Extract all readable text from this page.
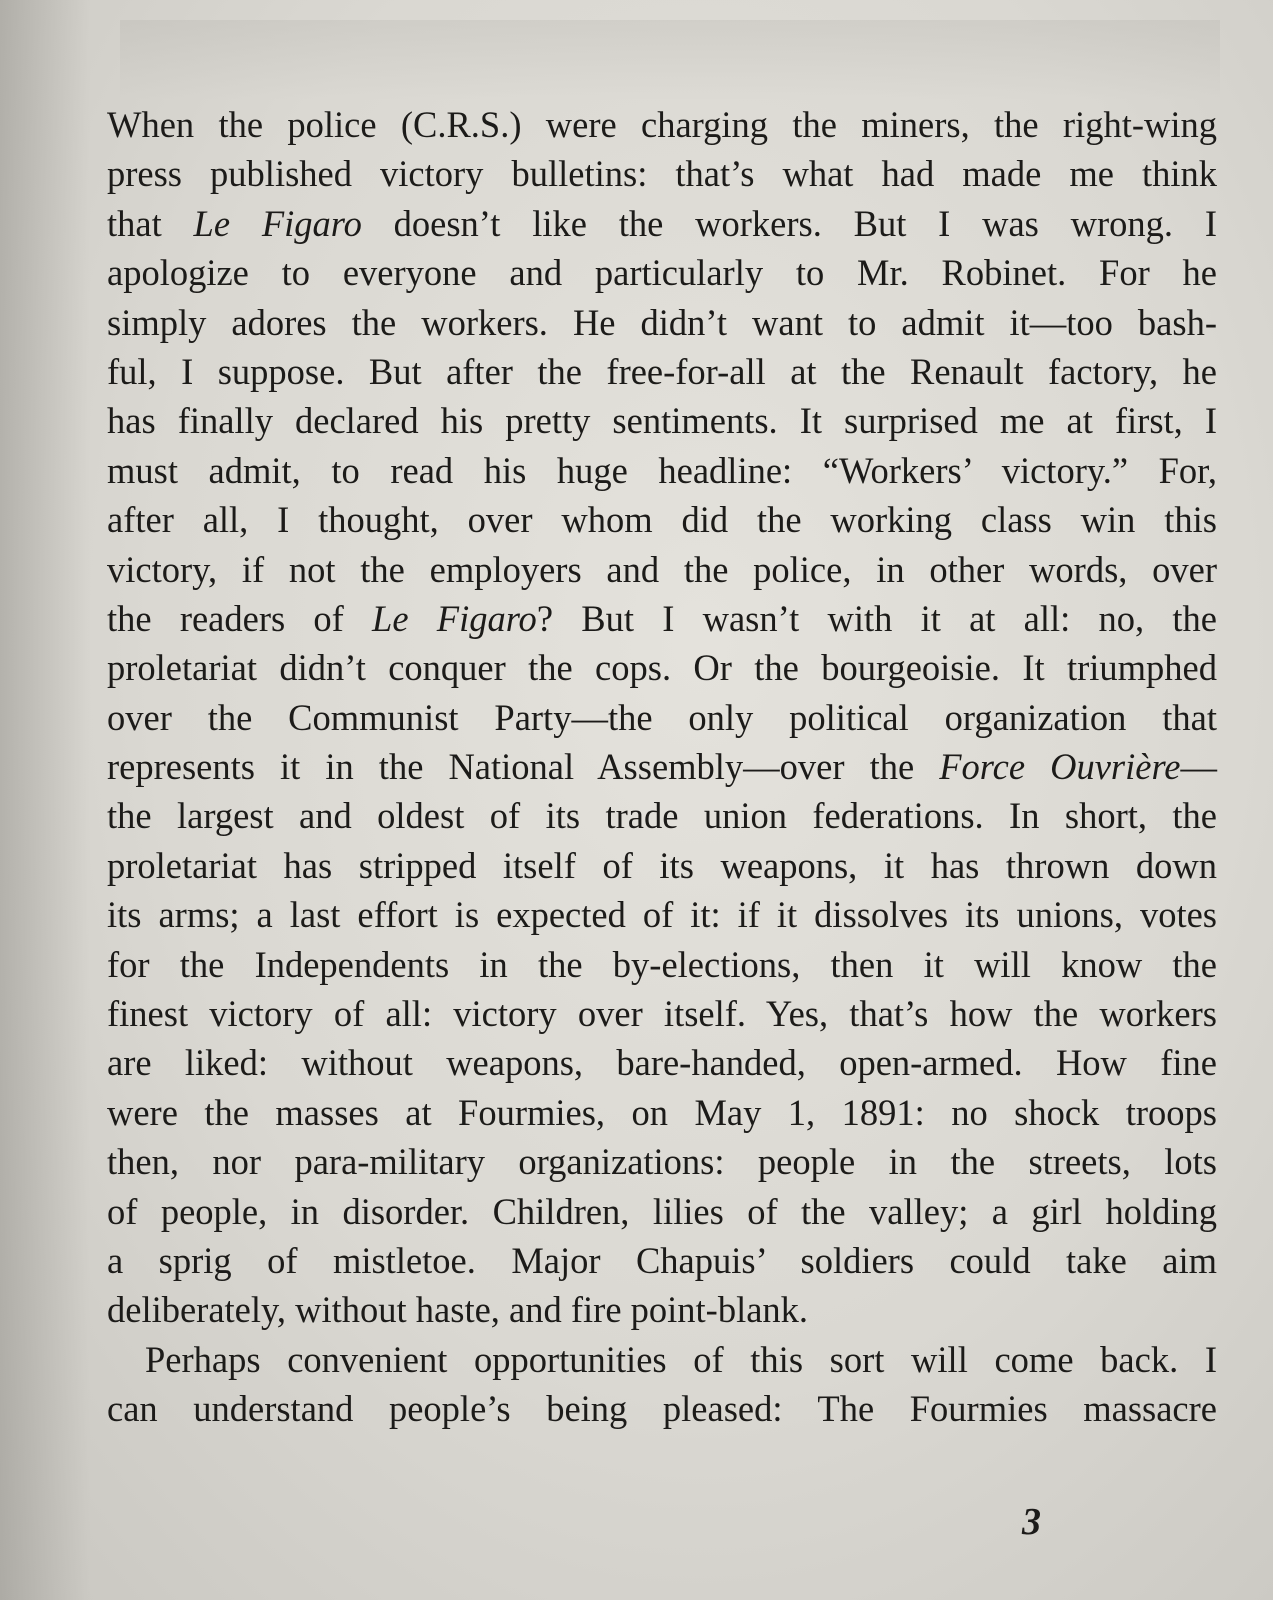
When the police (C.R.S.) were charging the miners, the right-wing
press published victory bulletins: that’s what had made me think
that Le Figaro doesn’t like the workers. But I was wrong. I
apologize to everyone and particularly to Mr. Robinet. For he
simply adores the workers. He didn’t want to admit it—too bash-
ful, I suppose. But after the free-for-all at the Renault factory, he
has finally declared his pretty sentiments. It surprised me at first, I
must admit, to read his huge headline: “Workers’ victory.” For,
after all, I thought, over whom did the working class win this
victory, if not the employers and the police, in other words, over
the readers of Le Figaro? But I wasn’t with it at all: no, the
proletariat didn’t conquer the cops. Or the bourgeoisie. It triumphed
over the Communist Party—the only political organization that
represents it in the National Assembly—over the Force Ouvrière—
the largest and oldest of its trade union federations. In short, the
proletariat has stripped itself of its weapons, it has thrown down
its arms; a last effort is expected of it: if it dissolves its unions, votes
for the Independents in the by-elections, then it will know the
finest victory of all: victory over itself. Yes, that’s how the workers
are liked: without weapons, bare-handed, open-armed. How fine
were the masses at Fourmies, on May 1, 1891: no shock troops
then, nor para-military organizations: people in the streets, lots
of people, in disorder. Children, lilies of the valley; a girl holding
a sprig of mistletoe. Major Chapuis’ soldiers could take aim
deliberately, without haste, and fire point-blank.
Perhaps convenient opportunities of this sort will come back. I
can understand people’s being pleased: The Fourmies massacre
3
